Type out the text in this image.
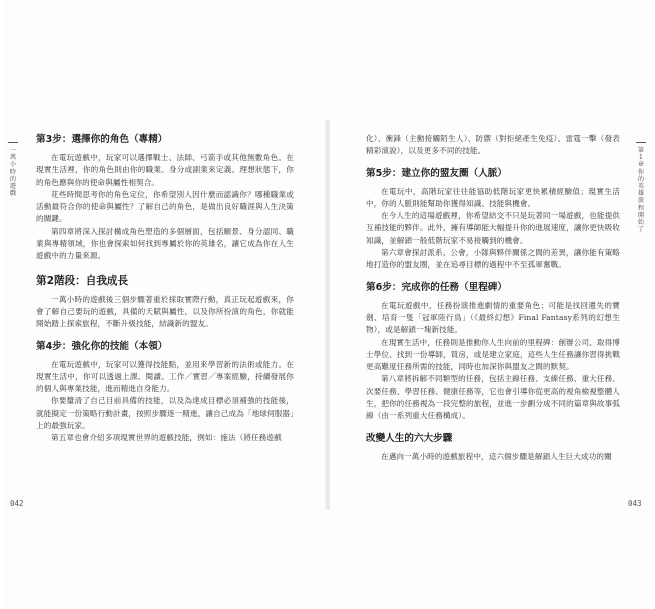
一萬小時的遊戲
第1章 你的英雄旅程開始了
第3步：選擇你的角色（專精）

在電玩遊戲中，玩家可以選擇戰士、法師、弓箭手或其他無數角色。在現實生活裡，你的角色則由你的職業、身分或副業來定義。理想狀態下，你的角色應與你的使命與屬性相契合。

花些時間思考你的角色定位，你希望別人因什麼而認識你？哪種職業或活動最符合你的使命與屬性？了解自己的角色，是做出良好職涯與人生決策的關鍵。

第四章將深入探討構成角色塑造的多個層面，包括願景、身分認同、職業與專精領域，你也會探索如何找到專屬於你的英雄名，讓它成為你在人生遊戲中的力量來源。

第2階段：自我成長

一萬小時的遊戲後三個步驟著重於採取實際行動，真正玩起遊戲來，你會了解自己要玩的遊戲，具備的天賦與屬性，以及你所扮演的角色，你就能開始踏上探索旅程，不斷升級技能，結識新的盟友。

第4步：強化你的技能（本領）

在電玩遊戲中，玩家可以獲得技能點，並用來學習新的法術或能力。在現實生活中，你可以透過上課、閱讀、工作／實習／專案經驗，持續發展你的個人與專業技能，進而精進自身能力。

你要釐清了自己目前具備的技能，以及為達成目標必須補強的技能後，就能擬定一份策略行動計畫，按照步驟逐一精進，讓自己成為「地球伺服器」上的最強玩家。

第五章也會介紹多項現實世界的遊戲技能，例如：施法（將任務遊戲

化）、衝鋒（主動接觸陌生人）、防禦（對拒絕產生免疫）、雷霆一擊（發表精彩演說），以及更多不同的技能。

第5步：建立你的盟友圈（人脈）

在電玩中，高階玩家往往能協助低階玩家更快累積經驗值；現實生活中，你的人脈則能幫助你獲得知識、技能與機會。

在今人生的這場遊戲裡，你希望結交不只是玩著同一場遊戲，也能提供互補技能的夥伴。此外，擁有導師能大幅提升你的進展速度，讓你更快吸收知識，並解鎖一般低階玩家不易接觸到的機會。

第六章會探討派系、公會，小隊與夥伴關係之間的差異，讓你能有策略地打造你的盟友圈，並在追尋目標的過程中不至孤軍奮戰。

第6步：完成你的任務（里程碑）

在電玩遊戲中，任務扮演推進劇情的重要角色；可能是找回遺失的寶劍、培育一隻「冠軍陸行鳥」（《最終幻想》Final Fantasy系列的幻想生物），或是解鎖一塊新技能。

在現實生活中，任務則是推動你人生向前的里程碑：創辦公司、取得博士學位、找到一份導師，買房，或是建立家庭，這些人生任務讓你習得挑戰更高難度任務所需的技能，同時也加深你與盟友之間的默契。

第八章將拆解不同類型的任務，包括主線任務、支線任務、重大任務、次要任務、學習任務、健康任務等，它也會引導你從更高的視角檢視整體人生，把你的任務視為一段完整的旅程，並進一步劃分成不同的篇章與故事弧線（由一系列重大任務構成）。

改變人生的六大步驟

在邁向一萬小時的遊戲旅程中，這六個步驟是解鎖人生巨大成功的關

042	043
